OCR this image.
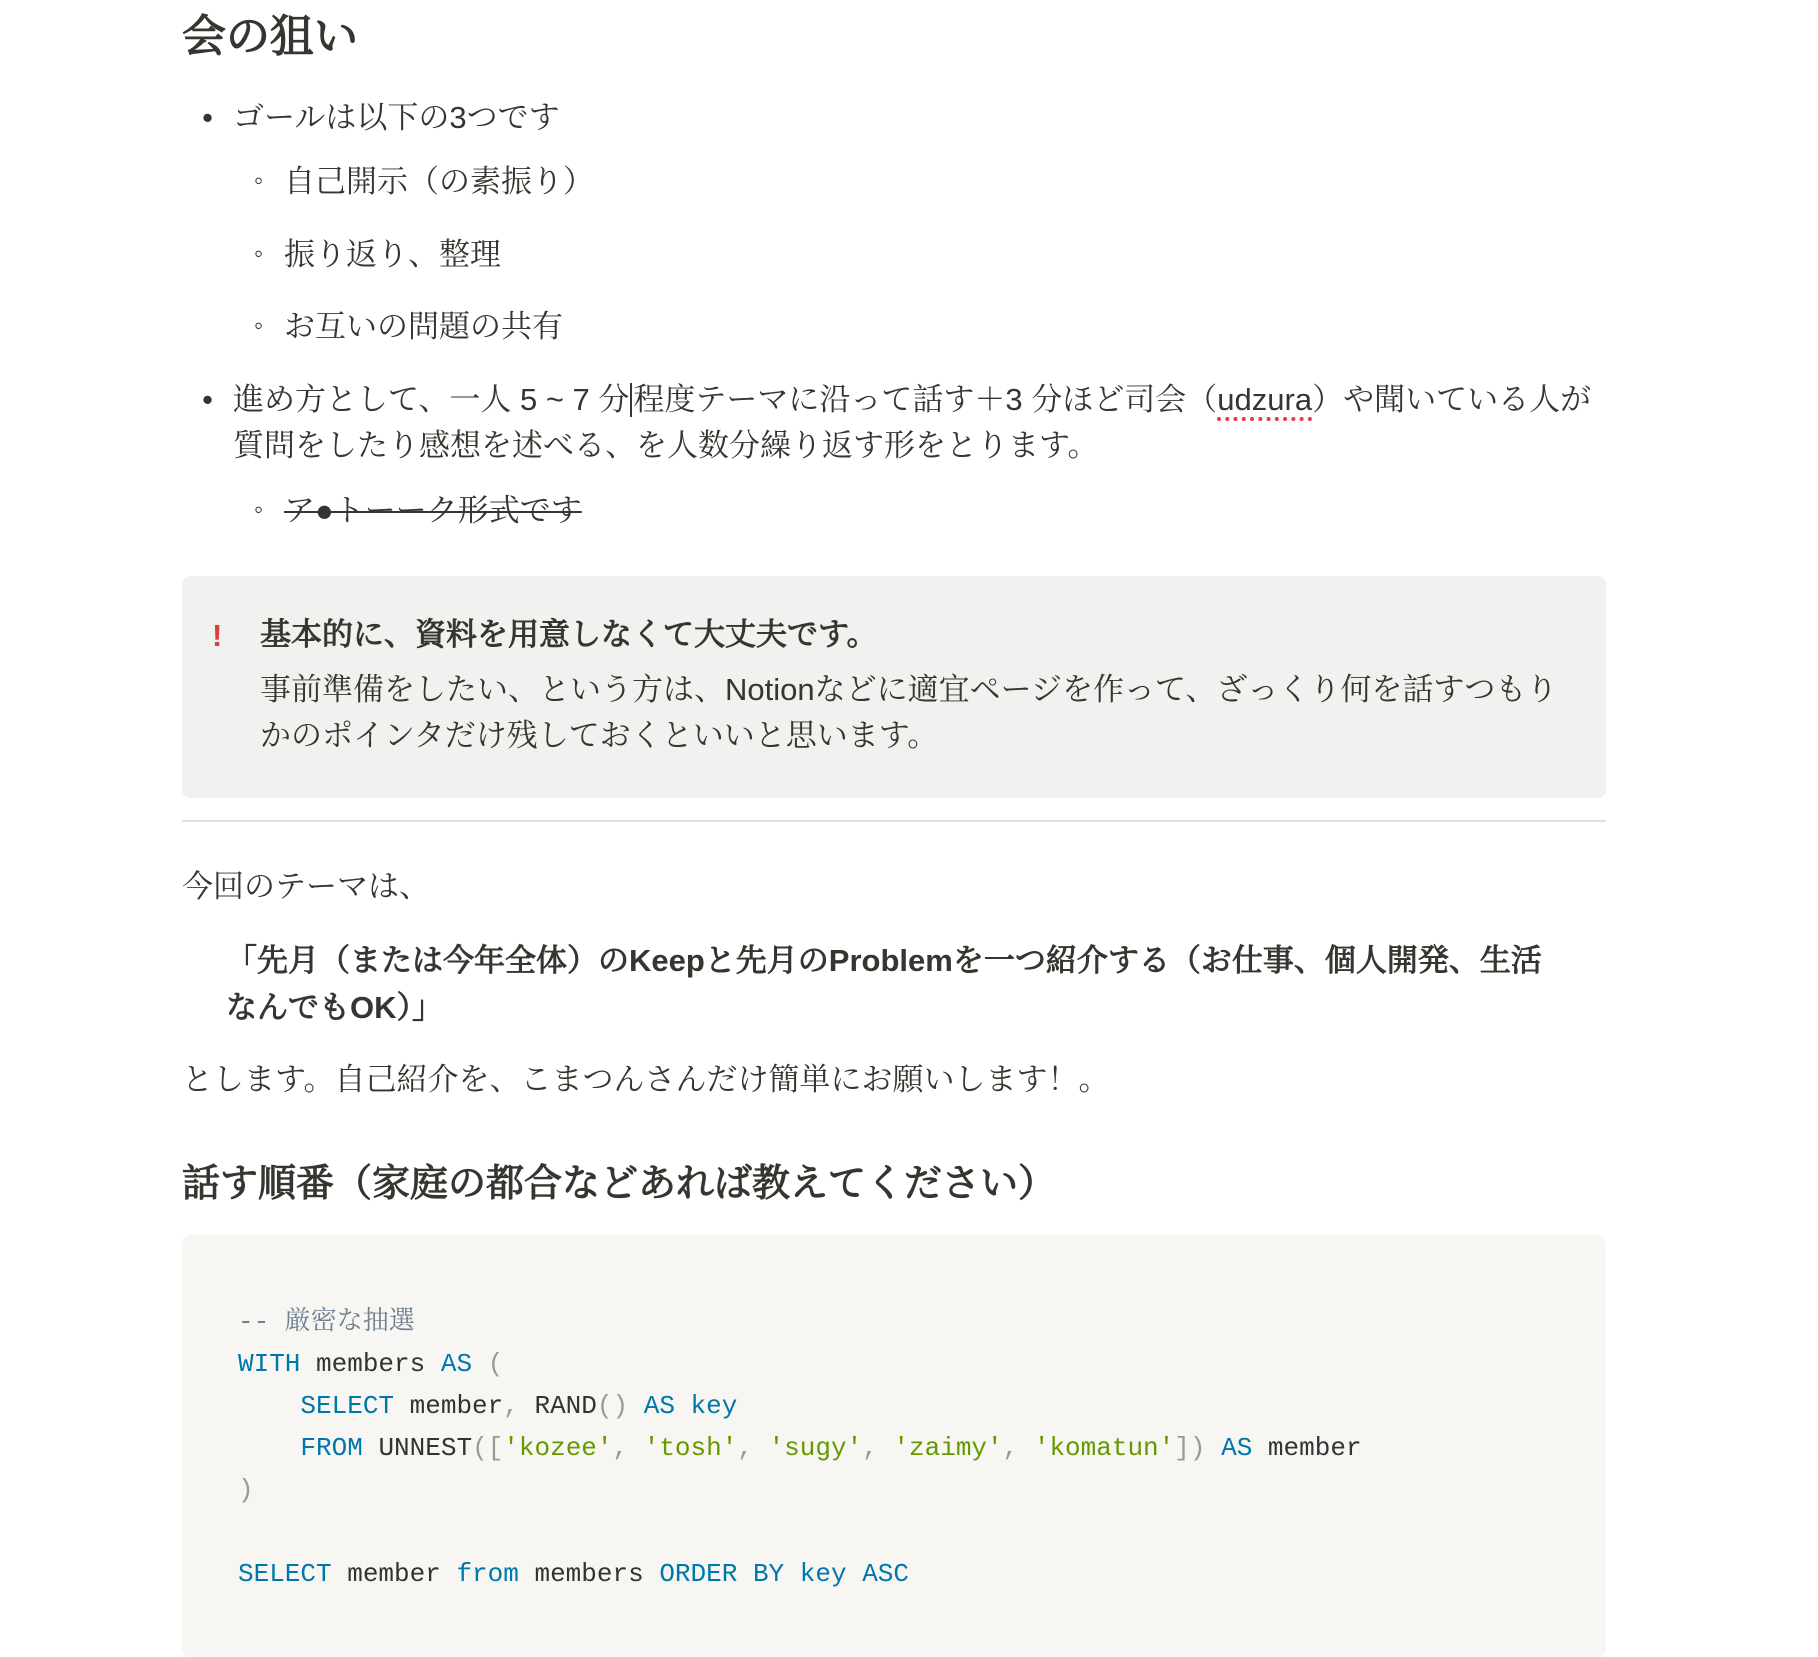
会の狙い
• ゴールは以下の3つです
◦ 自己開示（の素振り）
◦ 振り返り、整理
◦ お互いの問題の共有
• 進め方として、一人 5 ~ 7 分 程度テーマに沿って話す＋3 分ほど司会（udzura）や聞いている人が質問をしたり感想を述べる、を人数分繰り返す形をとります。
◦ ア●トーーク形式です
!	基本的に、資料を用意しなくて大丈夫です。
事前準備をしたい、という方は、Notionなどに適宜ページを作って、ざっくり何を話すつもりかのポインタだけ残しておくといいと思います。

今回のテーマは、

「先月（または今年全体）のKeepと先月のProblemを一つ紹介する（お仕事、個人開発、生活なんでもOK）」

とします。自己紹介を、こまつんさんだけ簡単にお願いします！。

話す順番（家庭の都合などあれば教えてください）
-- 厳密な抽選
WITH members AS (
SELECT member, RAND() AS key
FROM UNNEST(['kozee', 'tosh', 'sugy', 'zaimy', 'komatun']) AS member
)

SELECT member from members ORDER BY key ASC
